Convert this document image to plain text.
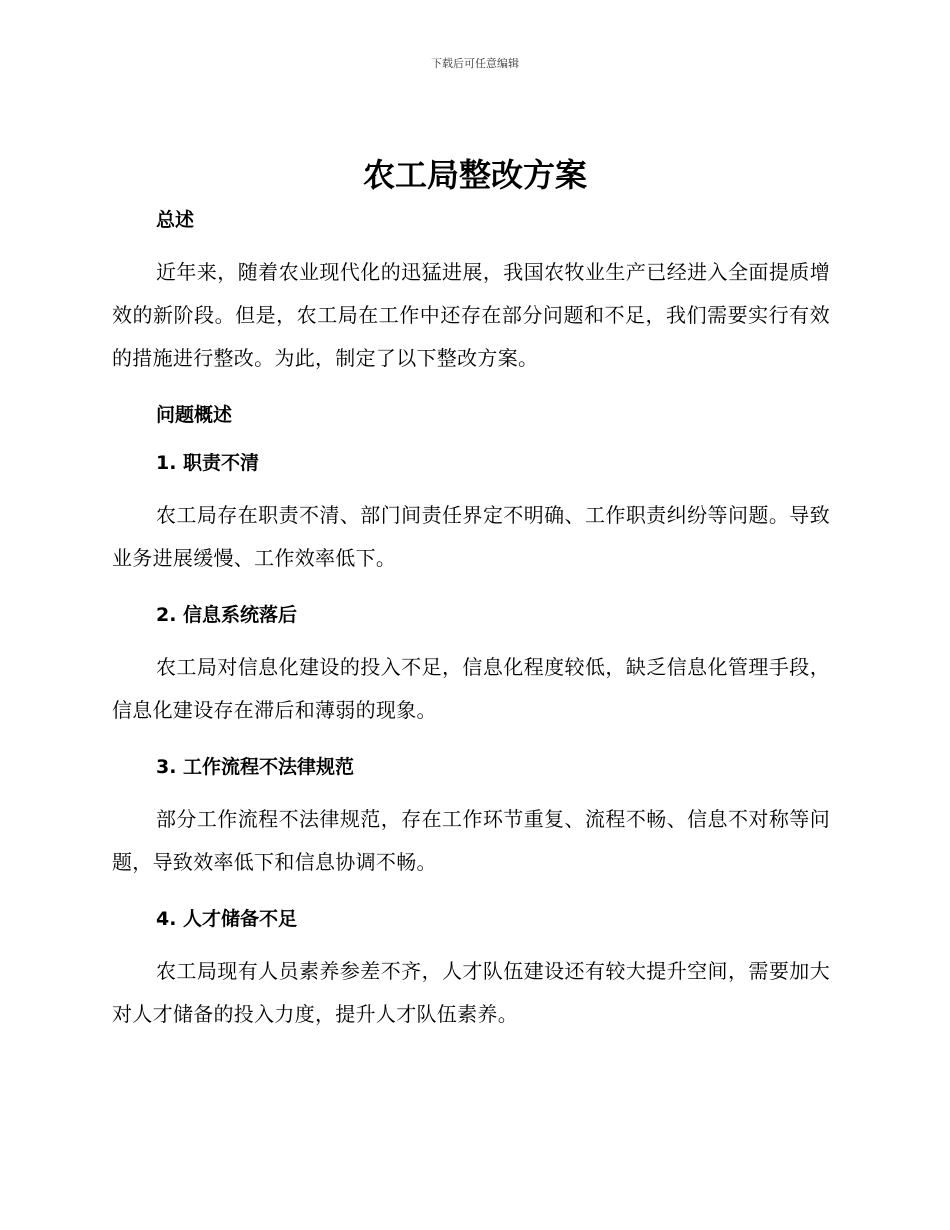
下载后可任意编辑
农工局整改方案

总述

近年来，随着农业现代化的迅猛进展，我国农牧业生产已经进入全面提质增效的新阶段。但是，农工局在工作中还存在部分问题和不足，我们需要实行有效的措施进行整改。为此，制定了以下整改方案。

问题概述

1. 职责不清

农工局存在职责不清、部门间责任界定不明确、工作职责纠纷等问题。导致业务进展缓慢、工作效率低下。

2. 信息系统落后

农工局对信息化建设的投入不足，信息化程度较低，缺乏信息化管理手段，信息化建设存在滞后和薄弱的现象。

3. 工作流程不法律规范

部分工作流程不法律规范，存在工作环节重复、流程不畅、信息不对称等问题，导致效率低下和信息协调不畅。

4. 人才储备不足

农工局现有人员素养参差不齐，人才队伍建设还有较大提升空间，需要加大对人才储备的投入力度，提升人才队伍素养。
